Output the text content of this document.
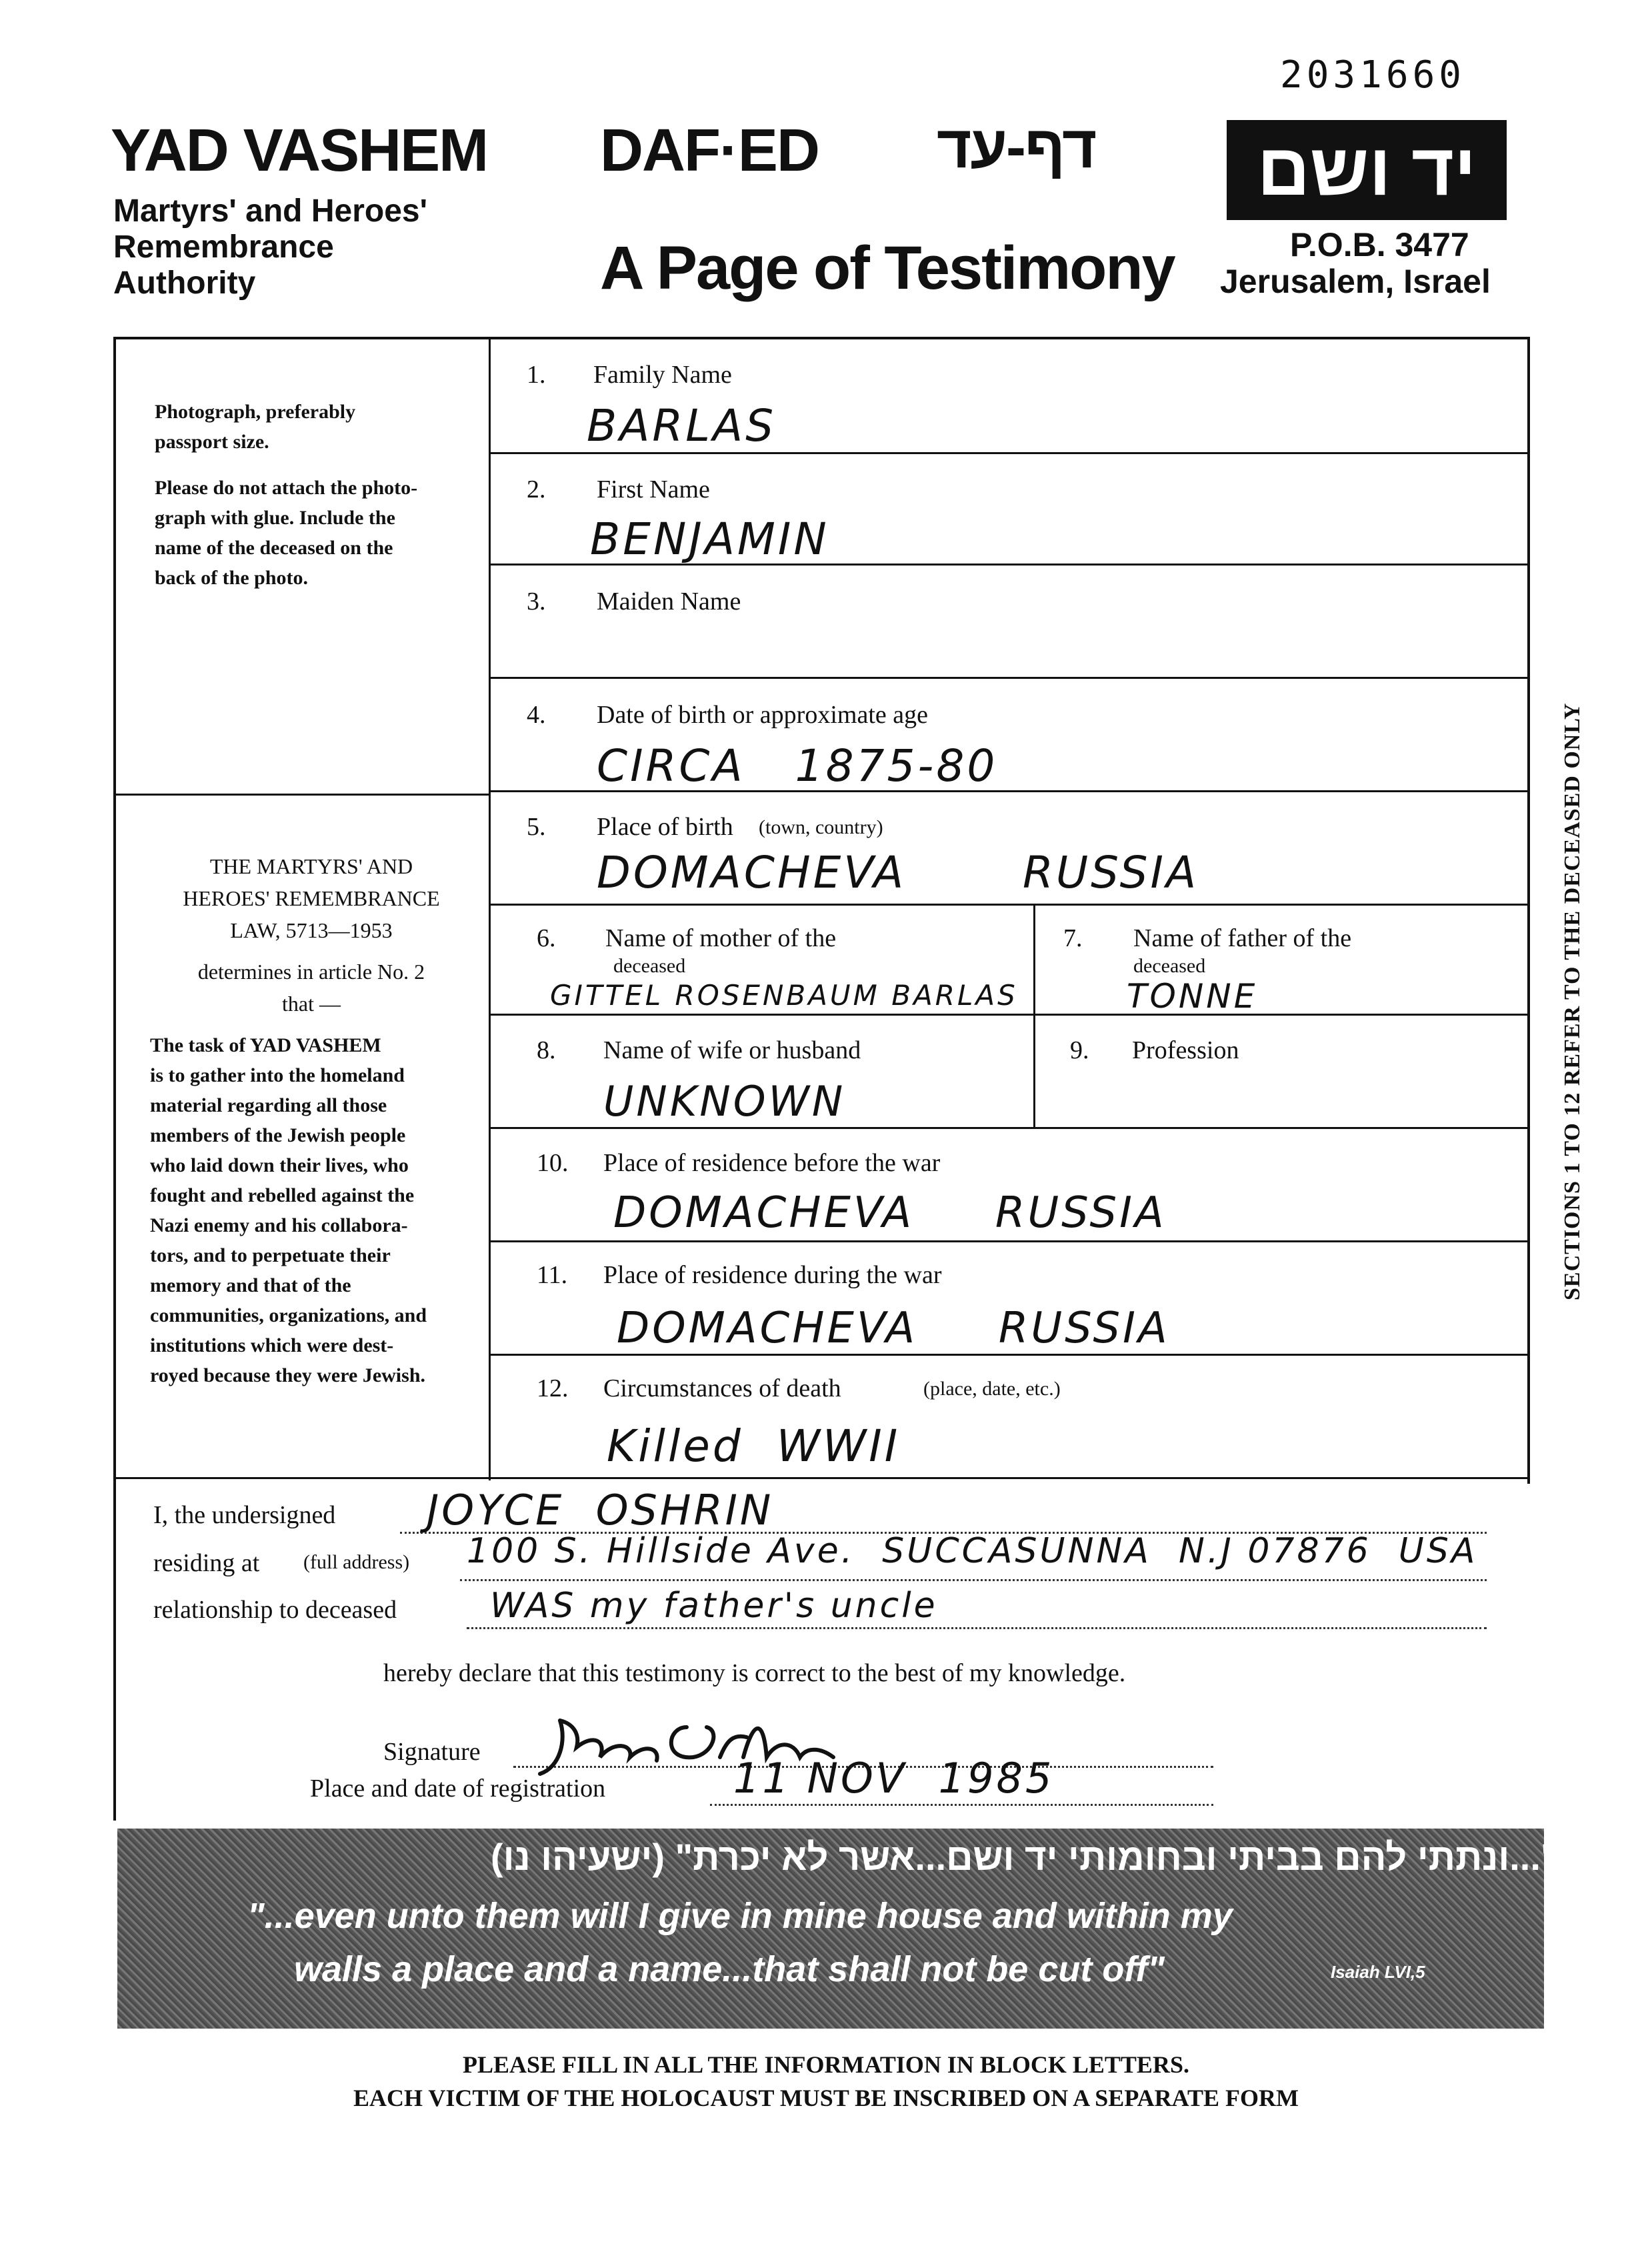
2031660
YAD VASHEM
Martyrs' and Heroes'
Remembrance
Authority
DAF·ED דף-עד
A Page of Testimony
יד ושם
P.O.B. 3477
Jerusalem, Israel
Photograph, preferably
passport size.
Please do not attach the photo-
graph with glue. Include the
name of the deceased on the
back of the photo.
THE MARTYRS' AND
HEROES' REMEMBRANCE
LAW, 5713—1953
determines in article No. 2
that —
The task of YAD VASHEM
is to gather into the homeland
material regarding all those
members of the Jewish people
who laid down their lives, who
fought and rebelled against the
Nazi enemy and his collabora-
tors, and to perpetuate their
memory and that of the
communities, organizations, and
institutions which were dest-
royed because they were Jewish.
SECTIONS 1 TO 12 REFER TO THE DECEASED ONLY
1. Family Name
BARLAS
2. First Name
BENJAMIN
3. Maiden Name
4. Date of birth or approximate age
CIRCA   1875-80
5. Place of birth (town, country)
DOMACHEVA       RUSSIA
6. Name of mother of the
deceased
GITTEL ROSENBAUM BARLAS
7. Name of father of the
deceased
TONNE
8. Name of wife or husband
UNKNOWN
9. Profession
10. Place of residence before the war
DOMACHEVA     RUSSIA
11. Place of residence during the war
DOMACHEVA     RUSSIA
12. Circumstances of death	(place, date, etc.)
Killed  WWII
I, the undersigned JOYCE  OSHRIN
residing at (full address) 100 S. Hillside Ave.  SUCCASUNNA  N.J 07876  USA
relationship to deceased	WAS my father's uncle
hereby declare that this testimony is correct to the best of my knowledge.
Signature
Place and date of registration	11 NOV  1985
"...ונתתי להם בביתי ובחומותי יד ושם...אשר לא יכרת" (ישעיהו נו)
"...even unto them will I give in mine house and within my
walls a place and a name...that shall not be cut off"	Isaiah LVI,5
PLEASE FILL IN ALL THE INFORMATION IN BLOCK LETTERS.
EACH VICTIM OF THE HOLOCAUST MUST BE INSCRIBED ON A SEPARATE FORM
